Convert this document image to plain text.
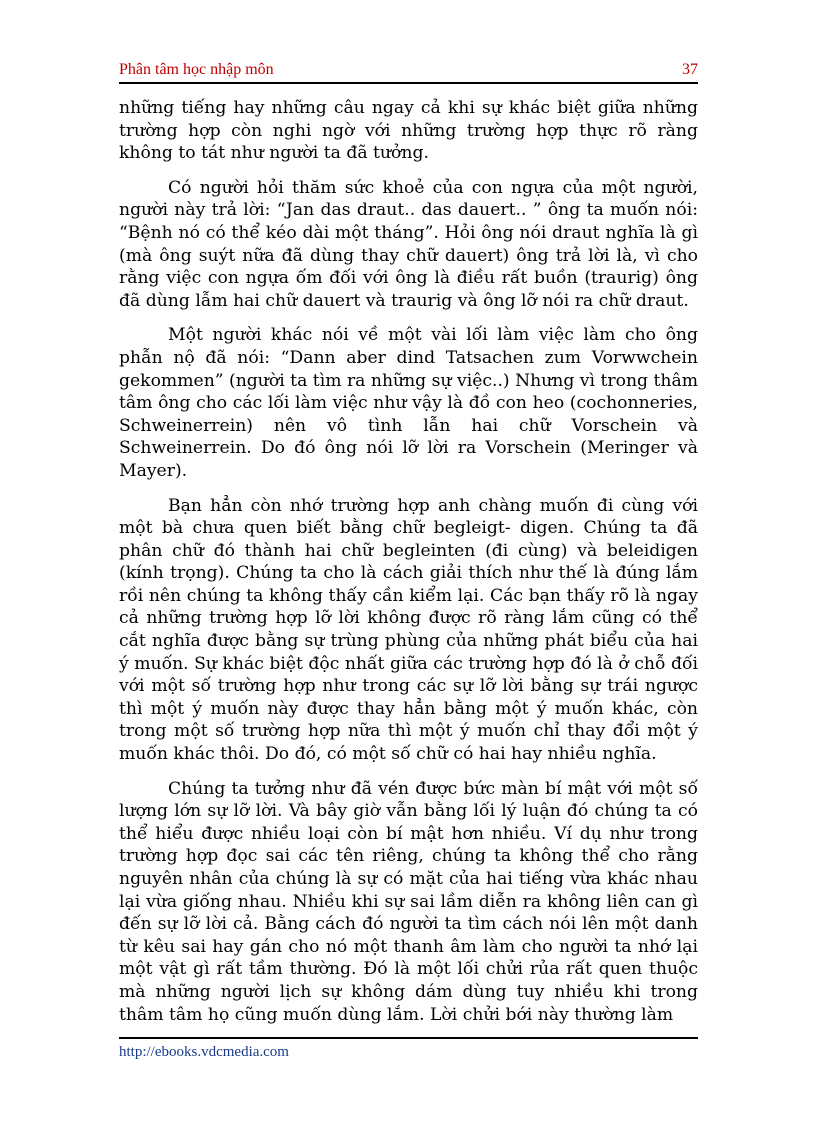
Phân tâm học nhập môn	37

những tiếng hay những câu ngay cả khi sự khác biệt giữa những trường hợp còn nghi ngờ với những trường hợp thực rõ ràng không to tát như người ta đã tưởng.

Có người hỏi thăm sức khoẻ của con ngựa của một người, người này trả lời: “Jan das draut.. das dauert.. ” ông ta muốn nói: “Bệnh nó có thể kéo dài một tháng”. Hỏi ông nói draut nghĩa là gì (mà ông suýt nữa đã dùng thay chữ dauert) ông trả lời là, vì cho rằng việc con ngựa ốm đối với ông là điều rất buồn (traurig) ông đã dùng lẫm hai chữ dauert và traurig và ông lỡ nói ra chữ draut.

Một người khác nói về một vài lối làm việc làm cho ông phẫn nộ đã nói: “Dann aber dind Tatsachen zum Vorwwchein gekommen” (người ta tìm ra những sự việc..) Nhưng vì trong thâm tâm ông cho các lối làm việc như vậy là đồ con heo (cochonneries, Schweinerrein) nên vô tình lẫn hai chữ Vorschein và Schweinerrein. Do đó ông nói lỡ lời ra Vorschein (Meringer và Mayer).

Bạn hẳn còn nhớ trường hợp anh chàng muốn đi cùng với một bà chưa quen biết bằng chữ begleigt- digen. Chúng ta đã phân chữ đó thành hai chữ begleinten (đi cùng) và beleidigen (kính trọng). Chúng ta cho là cách giải thích như thế là đúng lắm rồi nên chúng ta không thấy cần kiểm lại. Các bạn thấy rõ là ngay cả những trường hợp lỡ lời không được rõ ràng lắm cũng có thể cắt nghĩa được bằng sự trùng phùng của những phát biểu của hai ý muốn. Sự khác biệt độc nhất giữa các trường hợp đó là ở chỗ đối với một số trường hợp như trong các sự lỡ lời bằng sự trái ngược thì một ý muốn này được thay hẳn bằng một ý muốn khác, còn trong một số trường hợp nữa thì một ý muốn chỉ thay đổi một ý muốn khác thôi. Do đó, có một số chữ có hai hay nhiều nghĩa.

Chúng ta tưởng như đã vén được bức màn bí mật với một số lượng lớn sự lỡ lời. Và bây giờ vẫn bằng lối lý luận đó chúng ta có thể hiểu được nhiều loại còn bí mật hơn nhiều. Ví dụ như trong trường hợp đọc sai các tên riêng, chúng ta không thể cho rằng nguyên nhân của chúng là sự có mặt của hai tiếng vừa khác nhau lại vừa giống nhau. Nhiều khi sự sai lầm diễn ra không liên can gì đến sự lỡ lời cả. Bằng cách đó người ta tìm cách nói lên một danh từ kêu sai hay gán cho nó một thanh âm làm cho người ta nhớ lại một vật gì rất tầm thường. Đó là một lối chửi rủa rất quen thuộc mà những người lịch sự không dám dùng tuy nhiều khi trong thâm tâm họ cũng muốn dùng lắm. Lời chửi bới này thường làm

http://ebooks.vdcmedia.com
